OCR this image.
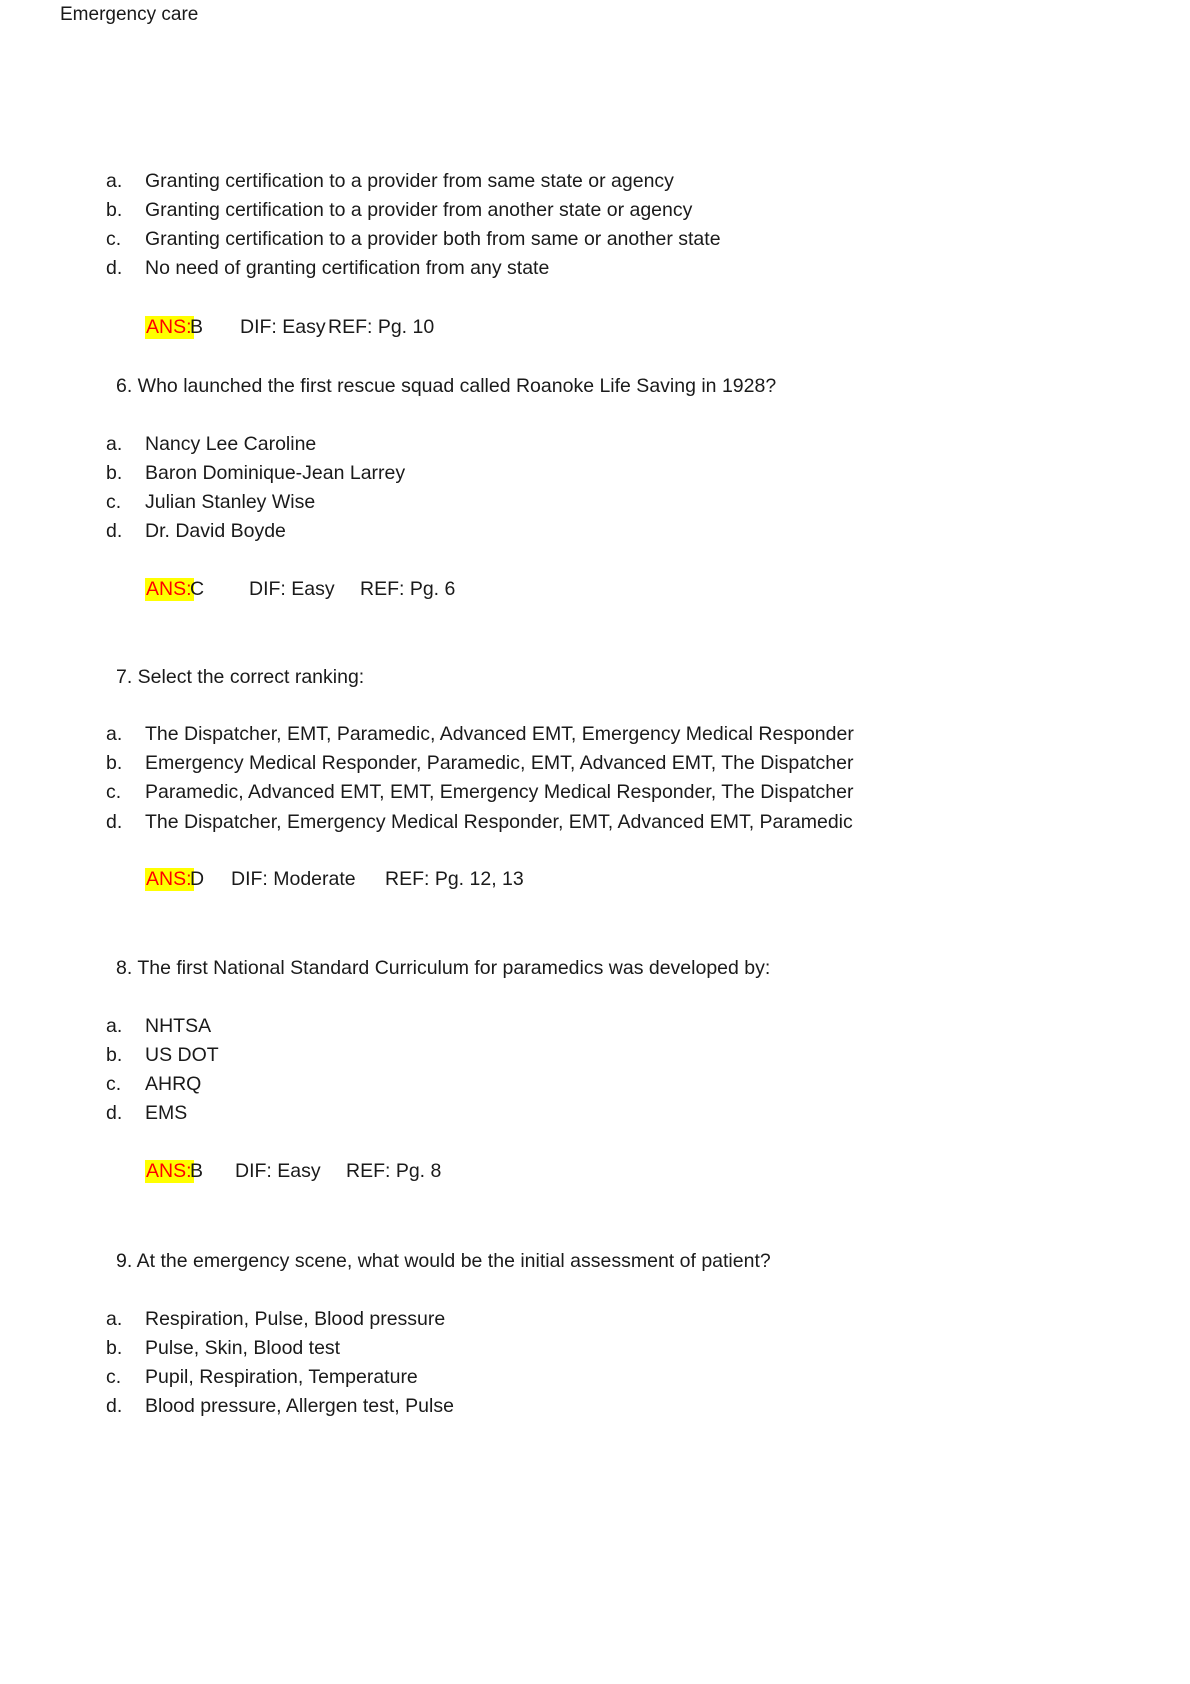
Emergency care
a.	Granting certification to a provider from same state or agency
b.	Granting certification to a provider from another state or agency
c.	Granting certification to a provider both from same or another state
d.	No need of granting certification from any state
ANS:
B DIF: Easy REF: Pg. 10
6. Who launched the first rescue squad called Roanoke Life Saving in 1928?
a.	Nancy Lee Caroline
b.	Baron Dominique-Jean Larrey
c.	Julian Stanley Wise
d.	Dr. David Boyde
ANS:
C DIF: Easy REF: Pg. 6
7. Select the correct ranking:
a.	The Dispatcher, EMT, Paramedic, Advanced EMT, Emergency Medical Responder
b.	Emergency Medical Responder, Paramedic, EMT, Advanced EMT, The Dispatcher
c.	Paramedic, Advanced EMT, EMT, Emergency Medical Responder, The Dispatcher
d.	The Dispatcher, Emergency Medical Responder, EMT, Advanced EMT, Paramedic
ANS:
D DIF: Moderate REF: Pg. 12, 13
8. The first National Standard Curriculum for paramedics was developed by:
a.	NHTSA
b.	US DOT
c.	AHRQ
d.	EMS
ANS:
B DIF: Easy REF: Pg. 8
9. At the emergency scene, what would be the initial assessment of patient?
a.	Respiration, Pulse, Blood pressure
b.	Pulse, Skin, Blood test
c.	Pupil, Respiration, Temperature
d.	Blood pressure, Allergen test, Pulse
